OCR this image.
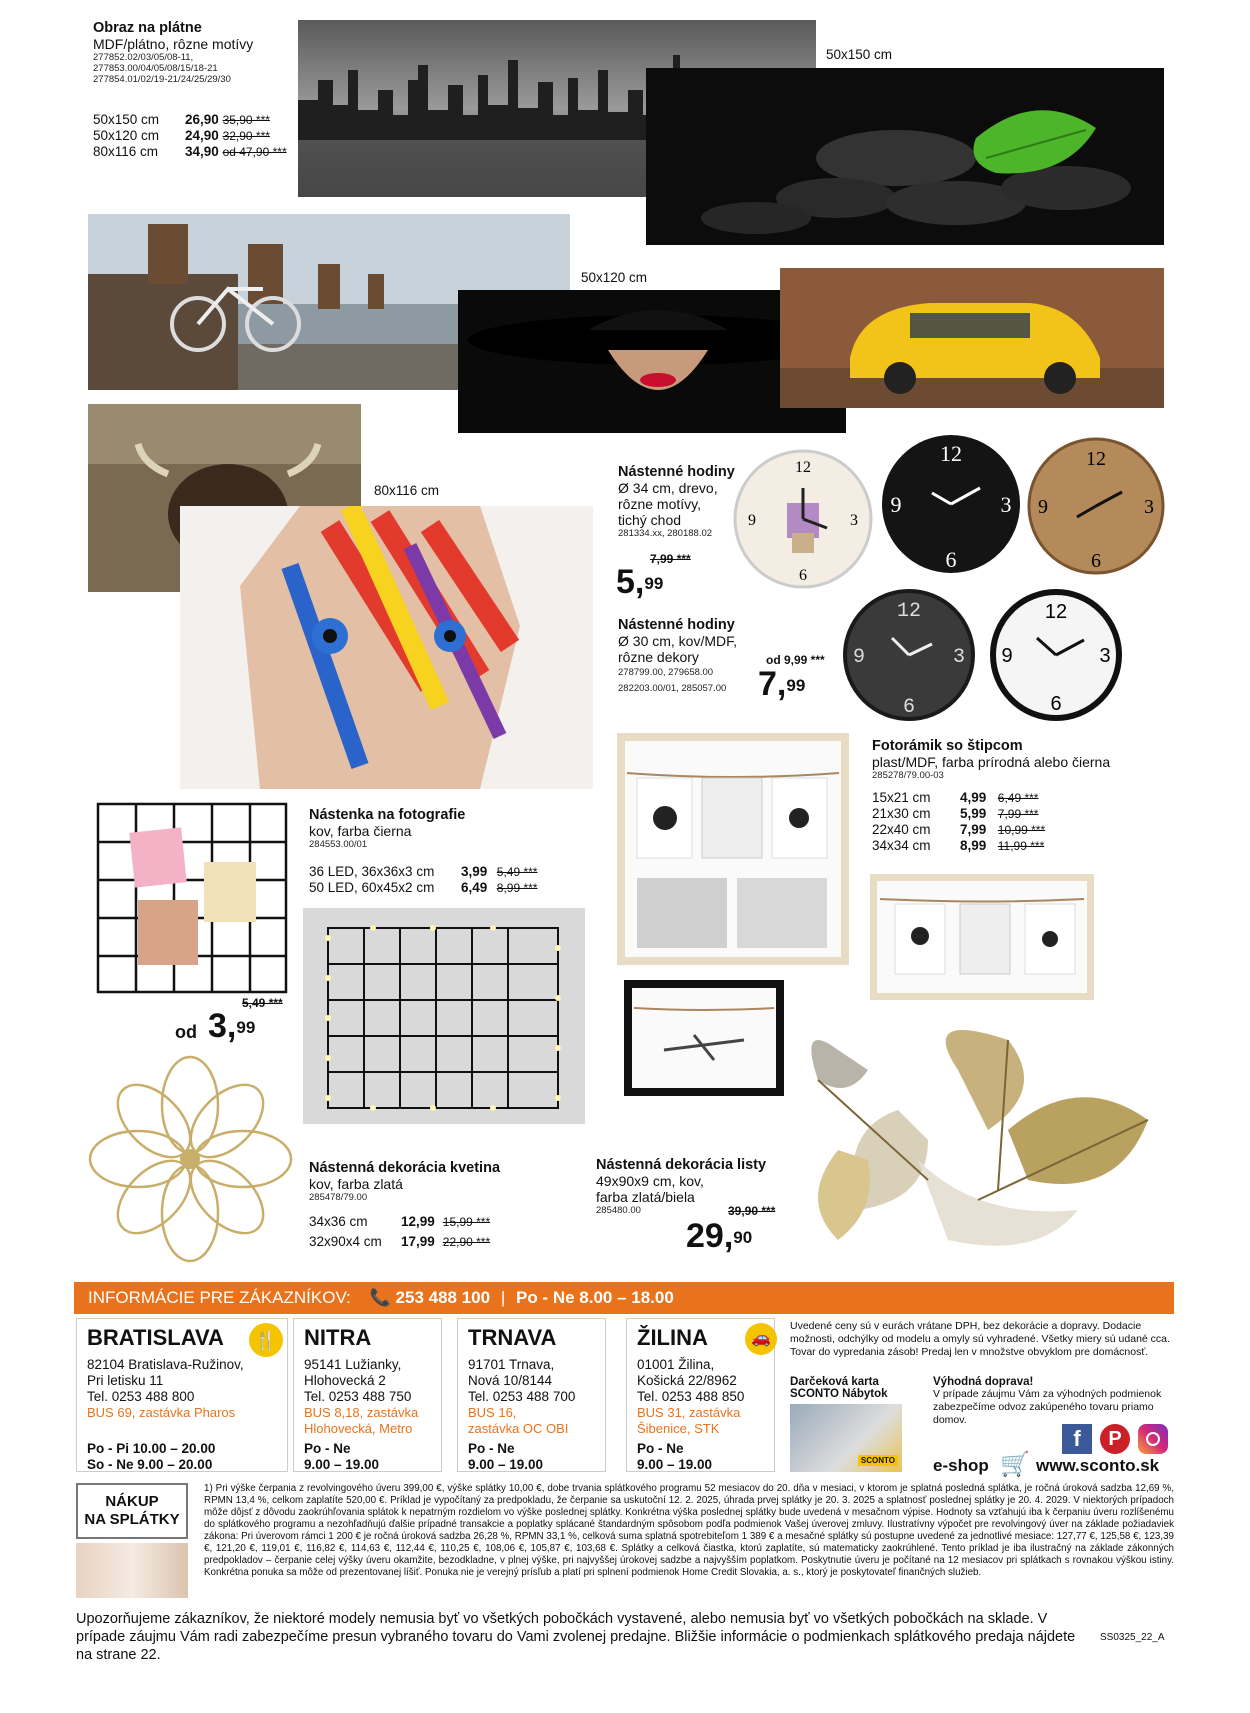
Obraz na plátne
MDF/plátno, rôzne motívy
277852.02/03/05/08-11,
277853.00/04/05/08/15/18-21
277854.01/02/19-21/24/25/29/30
50x150 cm 26,90 35,90 ***
50x120 cm 24,90 32,90 ***
80x116 cm 34,90 od 47,90 ***
50x150 cm
50x120 cm
80x116 cm
Nástenné hodiny
Ø 34 cm, drevo,
rôzne motívy,
tichý chod
281334.xx, 280188.02
7,99 ***
5,99
12
3
6
9
12
3
6
9
12
3
6
9
Nástenné hodiny
Ø 30 cm, kov/MDF,
rôzne dekory
278799.00, 279658.00
282203.00/01, 285057.00
od 9,99 ***
7,99
12
3
6
9
12
3
6
9
Fotorámik so štipcom
plast/MDF, farba prírodná alebo čierna
285278/79.00-03
15x21 cm 4,99 6,49 ***
21x30 cm 5,99 7,99 ***
22x40 cm 7,99 10,99 ***
34x34 cm 8,99 11,99 ***
Nástenka na fotografie
kov, farba čierna
284553.00/01
36 LED, 36x36x3 cm 3,99 5,49 ***
50 LED, 60x45x2 cm 6,49 8,99 ***
5,49 ***
od 3,99
Nástenná dekorácia kvetina
kov, farba zlatá
285478/79.00
34x36 cm 12,99 15,99 ***
32x90x4 cm 17,99 22,90 ***
Nástenná dekorácia listy
49x90x9 cm, kov,
farba zlatá/biela
285480.00	39,90 ***
29,90
INFORMÁCIE PRE ZÁKAZNÍKOV: 📞 253 488 100 | Po - Ne 8.00 – 18.00
BRATISLAVA	🍴
82104 Bratislava-Ružinov,
Pri letisku 11
Tel. 0253 488 800
BUS 69, zastávka Pharos
Po - Pi 10.00 – 20.00
So - Ne 9.00 – 20.00
NITRA
95141 Lužianky,
Hlohovecká 2
Tel. 0253 488 750
BUS 8,18, zastávka
Hlohovecká, Metro
Po - Ne
9.00 – 19.00
TRNAVA
91701 Trnava,
Nová 10/8144
Tel. 0253 488 700
BUS 16,
zastávka OC OBI
Po - Ne
9.00 – 19.00
ŽILINA	🚗
01001 Žilina,
Košická 22/8962
Tel. 0253 488 850
BUS 31, zastávka
Šibenice, STK
Po - Ne
9.00 – 19.00
Uvedené ceny sú v eurách vrátane DPH, bez dekorácie a dopravy. Dodacie možnosti, odchýlky od modelu a omyly sú vyhradené. Všetky miery sú udané cca. Tovar do vypredania zásob! Predaj len v množstve obvyklom pre domácnosť.
Darčeková karta
SCONTO Nábytok
SCONTO
Výhodná doprava!
V prípade záujmu Vám za výhodných podmienok zabezpečíme odvoz zakúpeného tovaru priamo domov.
f	P
e-shop 🛒 www.sconto.sk
NÁKUP
NA SPLÁTKY
1) Pri výške čerpania z revolvingového úveru 399,00 €, výške splátky 10,00 €, dobe trvania splátkového programu 52 mesiacov do 20. dňa v mesiaci, v ktorom je splatná posledná splátka, je ročná úroková sadzba 12,69 %, RPMN 13,4 %, celkom zaplatíte 520,00 €. Príklad je vypočítaný za predpokladu, že čerpanie sa uskutoční 12. 2. 2025, úhrada prvej splátky je 20. 3. 2025 a splatnosť poslednej splátky je 20. 4. 2029. V niektorých prípadoch môže dôjsť z dôvodu zaokrúhľovania splátok k nepatrným rozdielom vo výške poslednej splátky. Konkrétna výška poslednej splátky bude uvedená v mesačnom výpise. Hodnoty sa vzťahujú iba k čerpaniu úveru rozlíšenému do splátkového programu a nezohľadňujú ďalšie prípadné transakcie a poplatky splácané štandardným spôsobom podľa podmienok Vašej úverovej zmluvy. Ilustratívny výpočet pre revolvingový úver na základe požiadaviek zákona: Pri úverovom rámci 1 200 € je ročná úroková sadzba 26,28 %, RPMN 33,1 %, celková suma splatná spotrebiteľom 1 389 € a mesačné splátky sú postupne uvedené za jednotlivé mesiace: 127,77 €, 125,58 €, 123,39 €, 121,20 €, 119,01 €, 116,82 €, 114,63 €, 112,44 €, 110,25 €, 108,06 €, 105,87 €, 103,68 €. Splátky a celková čiastka, ktorú zaplatíte, sú matematicky zaokrúhlené. Tento príklad je iba ilustračný na základe zákonných predpokladov – čerpanie celej výšky úveru okamžite, bezodkladne, v plnej výške, pri najvyššej úrokovej sadzbe a najvyšším poplatkom. Poskytnutie úveru je počítané na 12 mesiacov pri splátkach s rovnakou výškou istiny. Konkrétna ponuka sa môže od prezentovanej líšiť. Ponuka nie je verejný prísľub a platí pri splnení podmienok Home Credit Slovakia, a. s., ktorý je poskytovateľ finančných služieb.
Upozorňujeme zákazníkov, že niektoré modely nemusia byť vo všetkých pobočkách vystavené, alebo nemusia byť vo všetkých pobočkách na sklade. V prípade záujmu Vám radi zabezpečíme presun vybraného tovaru do Vami zvolenej predajne. Bližšie informácie o podmienkach splátkového predaja nájdete na strane 22.
SS0325_22_A
